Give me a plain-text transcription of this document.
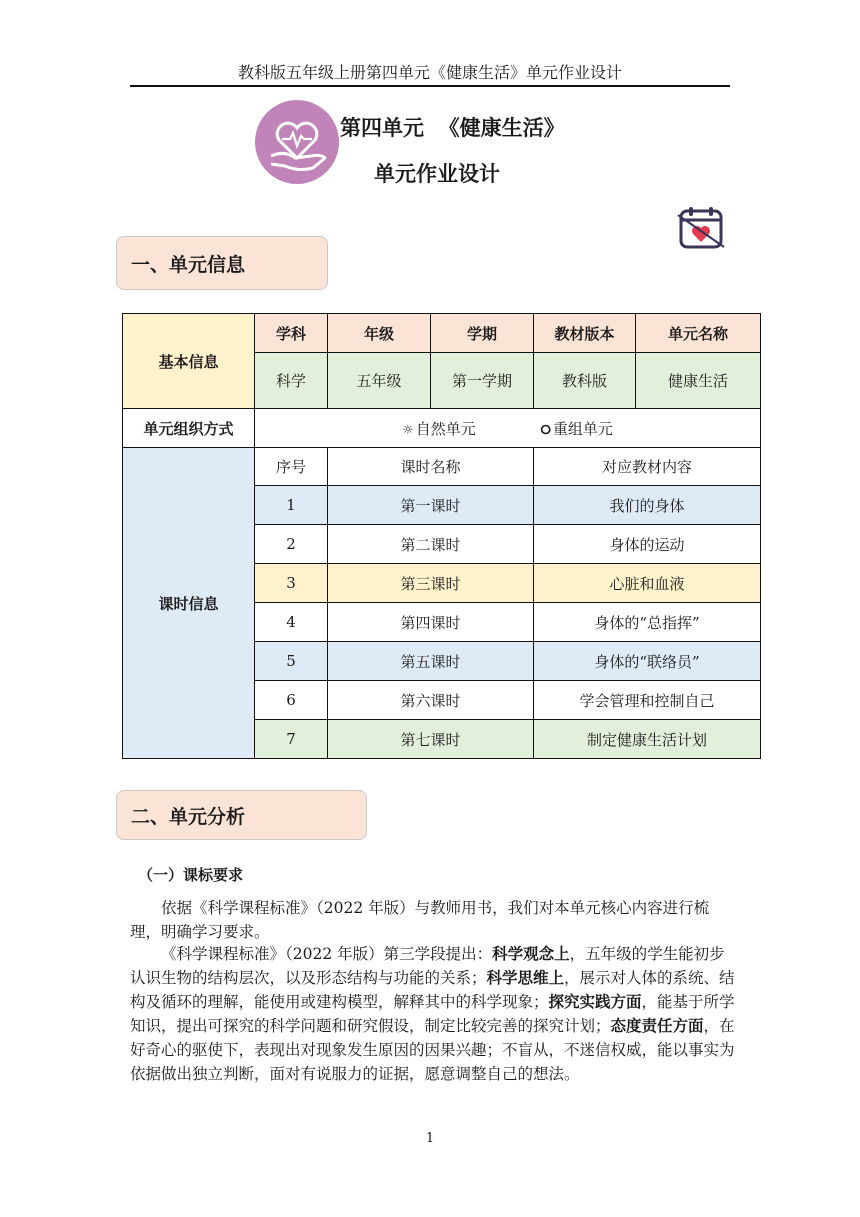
教科版五年级上册第四单元《健康生活》单元作业设计
第四单元  《健康生活》
单元作业设计
一、单元信息
基本信息	学科	年级	学期	教材版本	单元名称
	科学	五年级	第一学期	教科版	健康生活
单元组织方式	☼ 自然单元 ⭘ 重组单元				
课时信息	序号	课时名称		对应教材内容	
	1	第一课时		我们的身体	
	2	第二课时		身体的运动	
	3	第三课时		心脏和血液	
	4	第四课时		身体的“总指挥”	
	5	第五课时		身体的“联络员”	
	6	第六课时		学会管理和控制自己	
	7	第七课时		制定健康生活计划	
二、单元分析
（一）课标要求

依据《科学课程标准》（2022 年版）与教师用书，我们对本单元核心内容进行梳理，明确学习要求。

《科学课程标准》（2022 年版）第三学段提出：科学观念上，五年级的学生能初步认识生物的结构层次，以及形态结构与功能的关系；科学思维上，展示对人体的系统、结构及循环的理解，能使用或建构模型，解释其中的科学现象；探究实践方面，能基于所学知识，提出可探究的科学问题和研究假设，制定比较完善的探究计划；态度责任方面，在好奇心的驱使下，表现出对现象发生原因的因果兴趣；不盲从，不迷信权威，能以事实为依据做出独立判断，面对有说服力的证据，愿意调整自己的想法。

1
